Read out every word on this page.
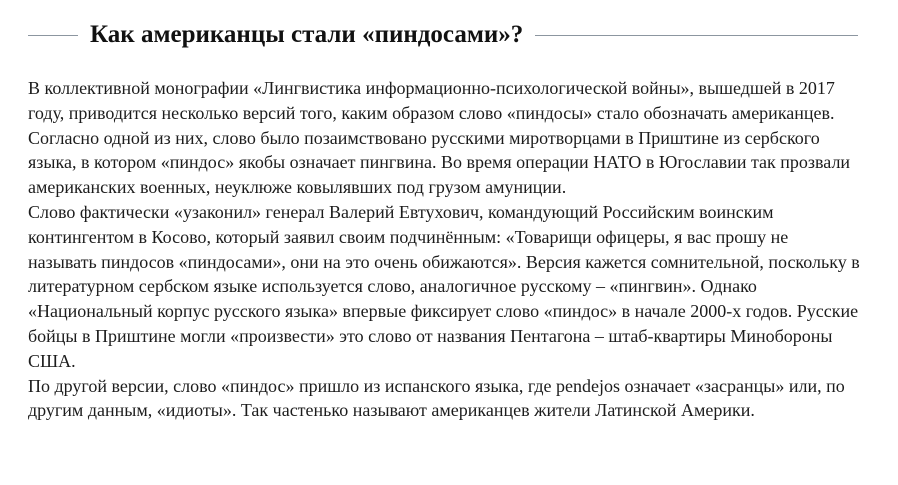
Как американцы стали «пиндосами»?

В коллективной монографии «Лингвистика информационно-психологической войны», вышедшей в 2017 году, приводится несколько версий того, каким образом слово «пиндосы» стало обозначать американцев.

Согласно одной из них, слово было позаимствовано русскими миротворцами в Приштине из сербского языка, в котором «пиндос» якобы означает пингвина. Во время операции НАТО в Югославии так прозвали американских военных, неуклюже ковылявших под грузом амуниции.

Слово фактически «узаконил» генерал Валерий Евтухович, командующий Российским воинским контингентом в Косово, который заявил своим подчинённым: «Товарищи офицеры, я вас прошу не называть пиндосов «пиндосами», они на это очень обижаются». Версия кажется сомнительной, поскольку в литературном сербском языке используется слово, аналогичное русскому – «пингвин». Однако «Национальный корпус русского языка» впервые фиксирует слово «пиндос» в начале 2000-х годов. Русские бойцы в Приштине могли «произвести» это слово от названия Пентагона – штаб-квартиры Минобороны США.

По другой версии, слово «пиндос» пришло из испанского языка, где pendejos означает «засранцы» или, по другим данным, «идиоты». Так частенько называют американцев жители Латинской Америки.
